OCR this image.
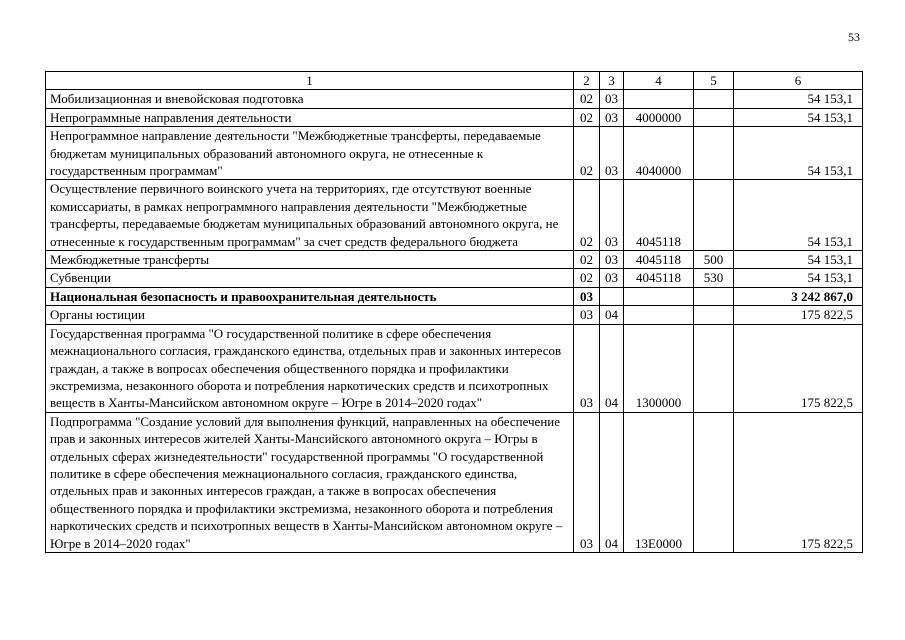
53
1	2	3	4	5	6
Мобилизационная и вневойсковая подготовка	02	03			54 153,1
Непрограммные направления деятельности	02	03	4000000		54 153,1
Непрограммное направление деятельности "Межбюджетные трансферты, передаваемые бюджетам муниципальных образований автономного округа, не отнесенные к государственным программам"	02	03	4040000		54 153,1
Осуществление первичного воинского учета на территориях, где отсутствуют военные комиссариаты, в рамках непрограммного направления деятельности "Межбюджетные трансферты, передаваемые бюджетам муниципальных образований автономного округа, не отнесенные к государственным программам" за счет средств федерального бюджета	02	03	4045118		54 153,1
Межбюджетные трансферты	02	03	4045118	500	54 153,1
Субвенции	02	03	4045118	530	54 153,1
Национальная безопасность и правоохранительная деятельность	03				3 242 867,0
Органы юстиции	03	04			175 822,5
Государственная программа "О государственной политике в сфере обеспечения межнационального согласия, гражданского единства, отдельных прав и законных интересов граждан, а также в вопросах обеспечения общественного порядка и профилактики экстремизма, незаконного оборота и потребления наркотических средств и психотропных веществ в Ханты-Мансийском автономном округе – Югре в 2014–2020 годах"	03	04	1300000		175 822,5
Подпрограмма "Создание условий для выполнения функций, направленных на обеспечение прав и законных интересов жителей Ханты-Мансийского автономного округа – Югры в отдельных сферах жизнедеятельности" государственной программы "О государственной политике в сфере обеспечения межнационального согласия, гражданского единства, отдельных прав и законных интересов граждан, а также в вопросах обеспечения общественного порядка и профилактики экстремизма, незаконного оборота и потребления наркотических средств и психотропных веществ в Ханты-Мансийском автономном округе – Югре в 2014–2020 годах"	03	04	13Е0000		175 822,5
